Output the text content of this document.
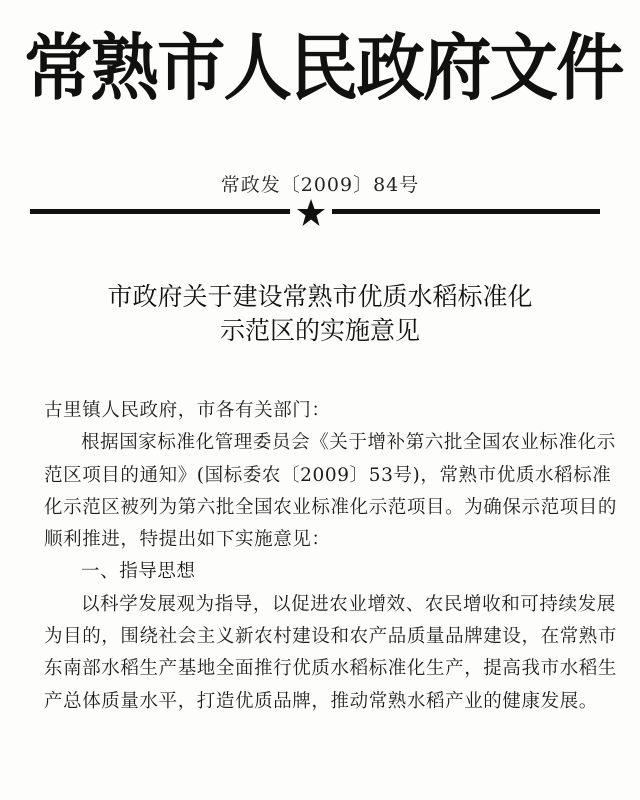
常熟市人民政府文件
常政发〔2009〕84号
市政府关于建设常熟市优质水稻标准化
示范区的实施意见

古里镇人民政府，市各有关部门：

根据国家标准化管理委员会《关于增补第六批全国农业标准化示范区项目的通知》(国标委农〔2009〕53号)，常熟市优质水稻标准化示范区被列为第六批全国农业标准化示范项目。为确保示范项目的顺利推进，特提出如下实施意见：

一、指导思想

以科学发展观为指导，以促进农业增效、农民增收和可持续发展为目的，围绕社会主义新农村建设和农产品质量品牌建设，在常熟市东南部水稻生产基地全面推行优质水稻标准化生产，提高我市水稻生产总体质量水平，打造优质品牌，推动常熟水稻产业的健康发展。
